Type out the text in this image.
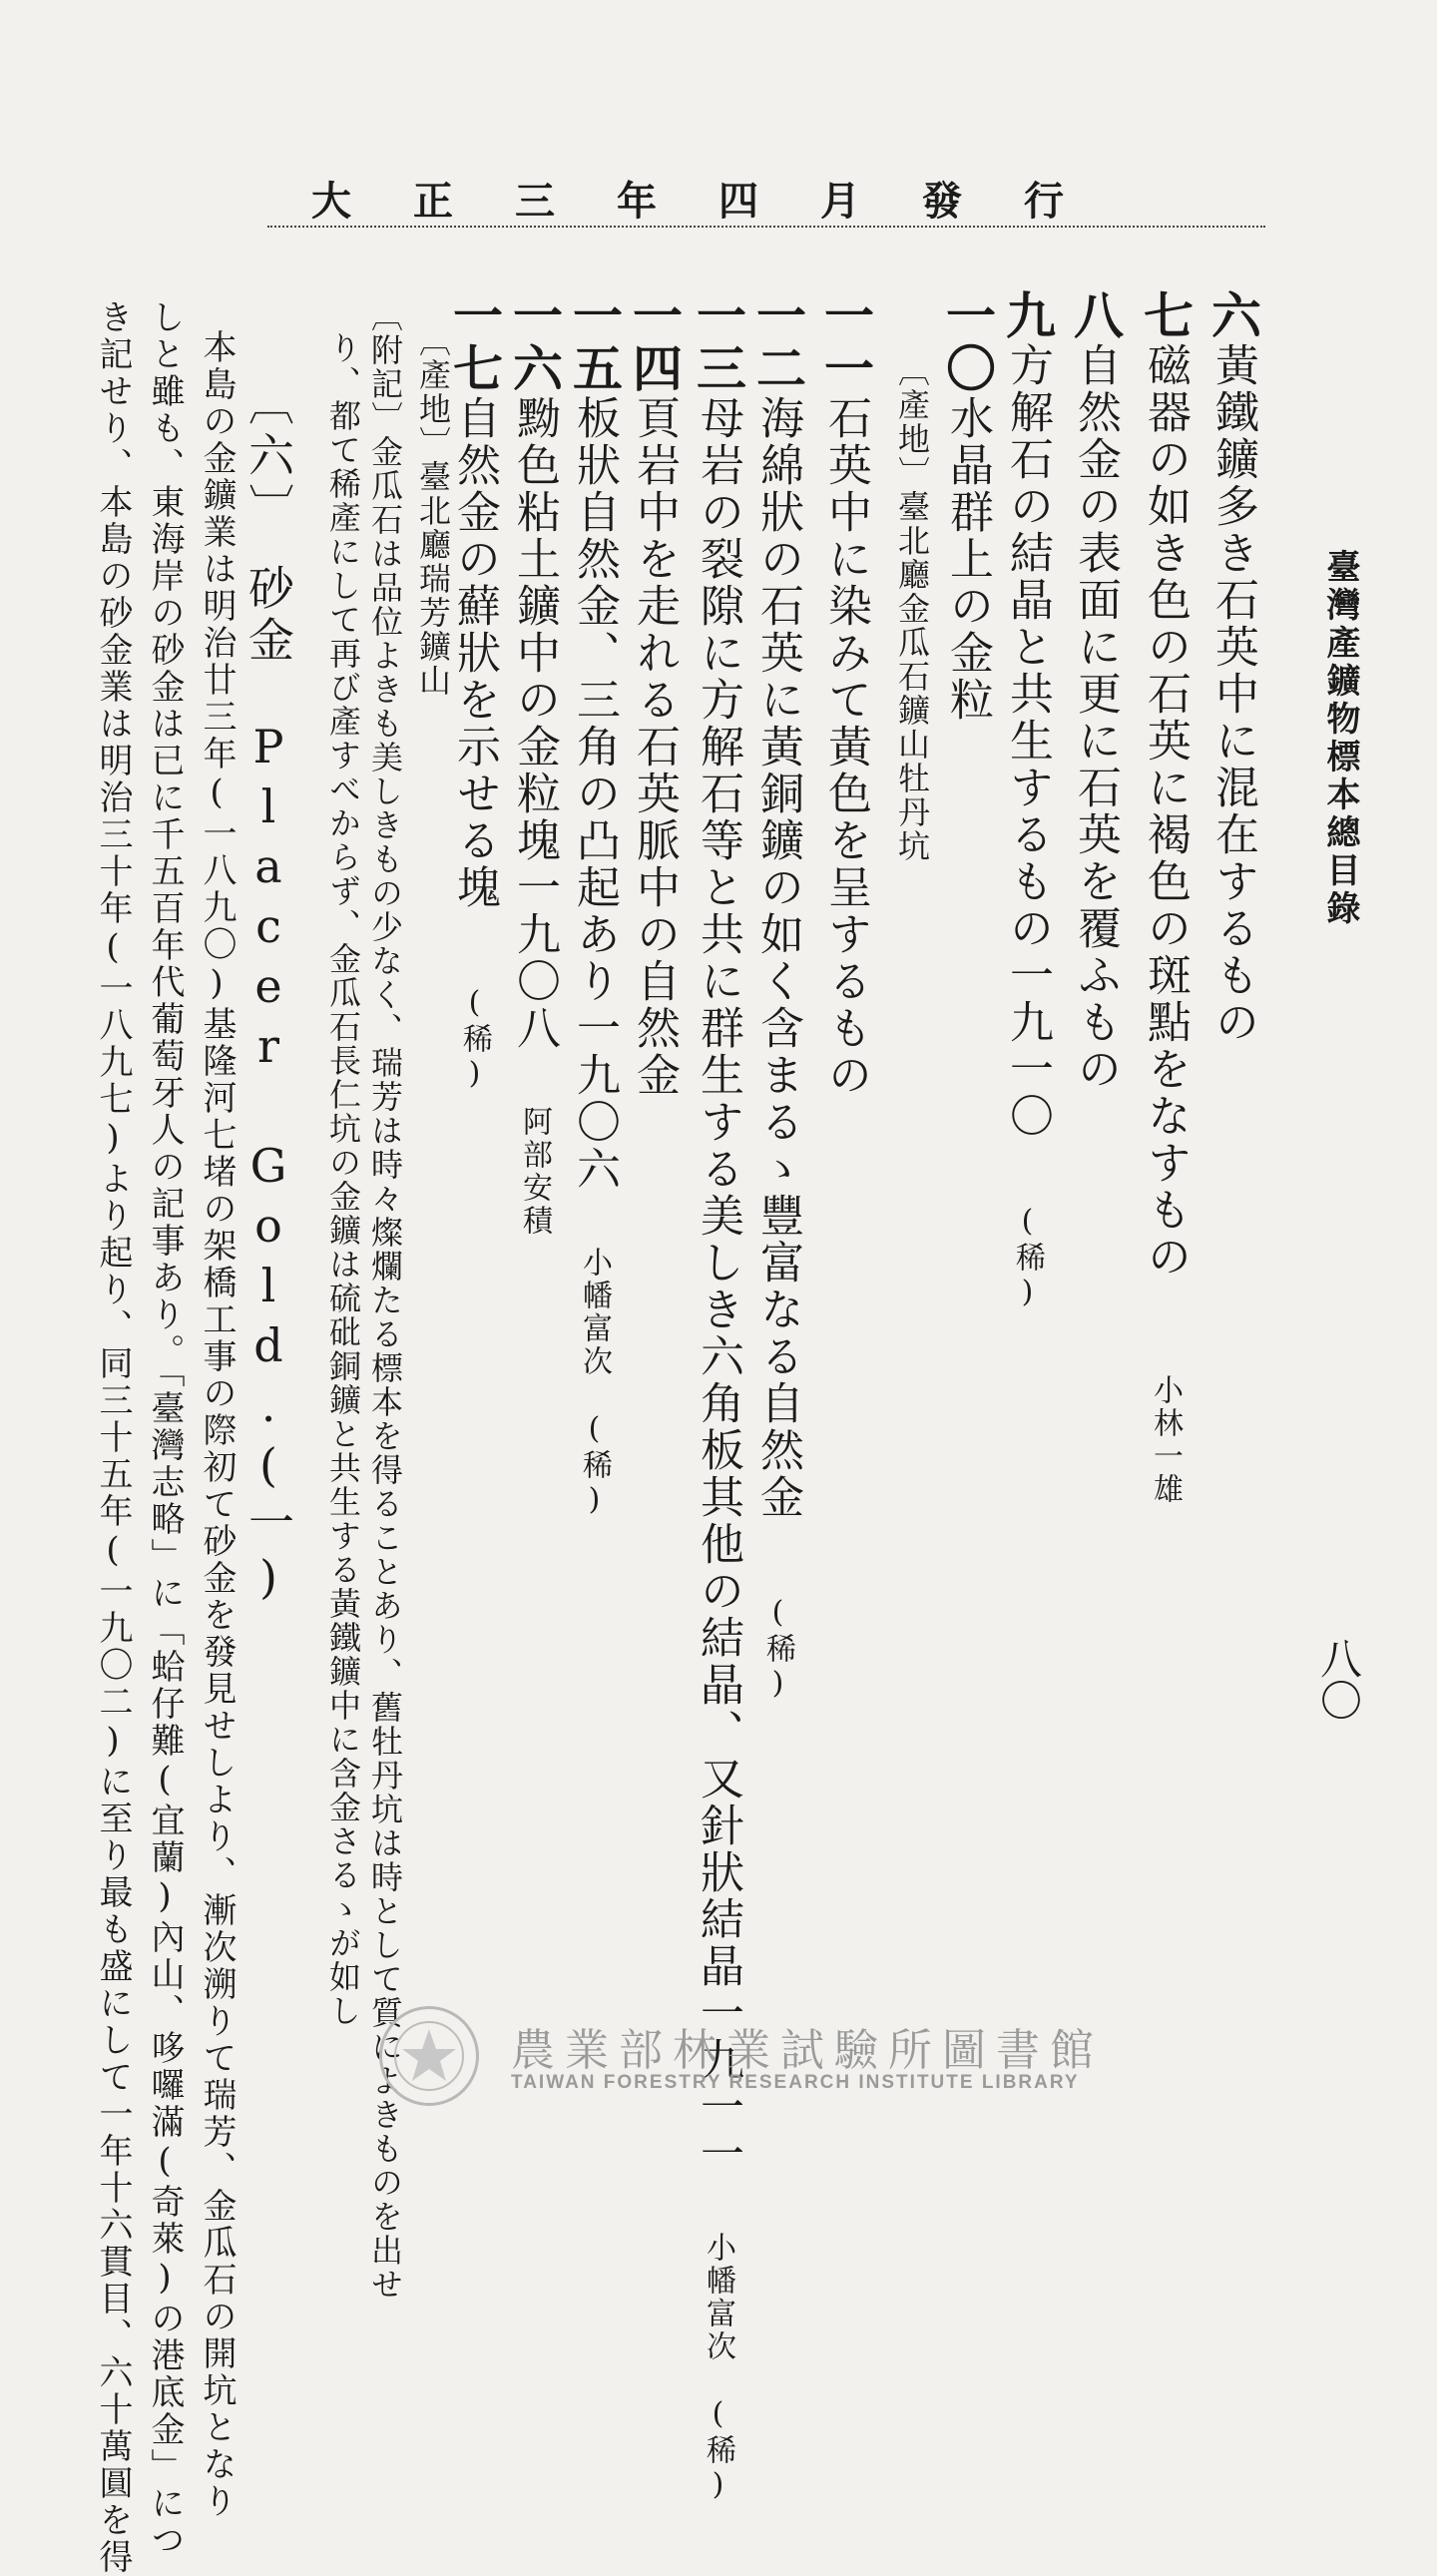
大正三年四月發行
臺灣產鑛物標本總目錄
八〇
六黃鐵鑛多き石英中に混在するもの
七磁器の如き色の石英に褐色の斑點をなすもの 小林一雄
八自然金の表面に更に石英を覆ふもの
九方解石の結晶と共生するもの一九一〇 (稀)
一〇水晶群上の金粒
〔產地〕臺北廳金瓜石鑛山牡丹坑
一一石英中に染みて黃色を呈するもの
一二海綿狀の石英に黃銅鑛の如く含まるゝ豐富なる自然金 (稀)
一三母岩の裂隙に方解石等と共に群生する美しき六角板其他の結晶、又針狀結晶一九一一 小幡富次　(稀)
一四頁岩中を走れる石英脈中の自然金
一五板狀自然金、三角の凸起あり一九〇六 小幡富次　(稀)
一六黝色粘土鑛中の金粒塊一九〇八 阿部安積
一七自然金の蘚狀を示せる塊 (稀)
〔產地〕臺北廳瑞芳鑛山
〔附記〕金瓜石は品位よきも美しきもの少なく、瑞芳は時々燦爛たる標本を得ることあり、舊牡丹坑は時として質によきものを出せ
り、都て稀產にして再び產すべからず、金瓜石長仁坑の金鑛は硫砒銅鑛と共生する黃鐵鑛中に含金さるゝが如し
〔六〕　砂金　Placer Gold.(一)
本島の金鑛業は明治廿三年(一八九〇)基隆河七堵の架橋工事の際初て砂金を發見せしより、漸次溯りて瑞芳、金瓜石の開坑となり
しと雖も、東海岸の砂金は已に千五百年代葡萄牙人の記事あり。「臺灣志略」に「蛤仔難(宜蘭)內山、哆囉滿(奇萊)の港底金」につ
き記せり、本島の砂金業は明治三十年(一八九七)より起り、同三十五年(一九〇二)に至り最も盛にして一年十六貫目、六十萬圓を得	農業部林業試驗所圖書館
TAIWAN FORESTRY RESEARCH INSTITUTE LIBRARY
